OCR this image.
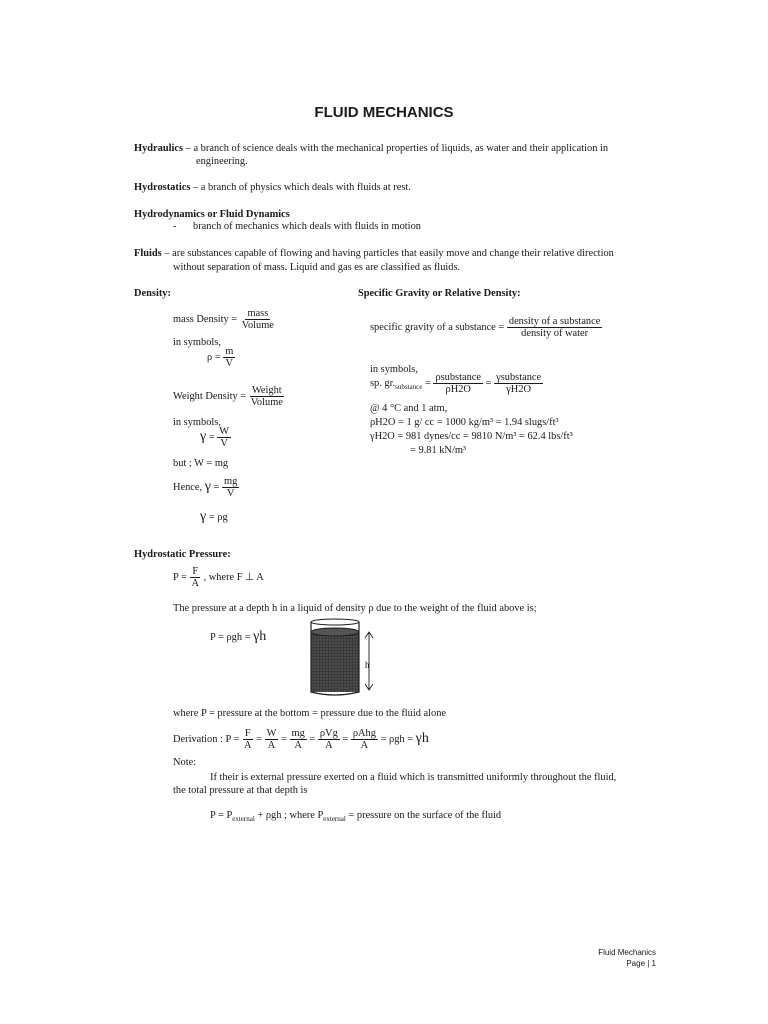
FLUID MECHANICS
Hydraulics – a branch of science deals with the mechanical properties of liquids, as water and their application in
engineering.
Hydrostatics – a branch of physics which deals with fluids at rest.
Hydrodynamics or Fluid Dynamics
- branch of mechanics which deals with fluids in motion
Fluids – are substances capable of flowing and having particles that easily move and change their relative direction
without separation of mass. Liquid and gas es are classified as fluids.
Density:
mass Density = $\frac{\text{mass}}{\text{Volume}}$
in symbols,
$\rho = \frac{m}{V}$
Weight Density = $\frac{\text{Weight}}{\text{Volume}}$
in symbols,
$\gamma = \frac{W}{V}$
but ; W = mg
Hence, $\gamma = \frac{mg}{V}$
γ = ρg
Specific Gravity or Relative Density:
specific gravity of a substance = $\frac{\text{density of a substance}}{\text{density of water}}$
in symbols,
sp. $gr._{substance} = \frac{\text{ρsubstance}}{\rho H2O} = \frac{\text{γsubstance}}{\gamma H2O}$
@ 4 °C and 1 atm,
ρH2O = 1 g/ cc = 1000 kg/m³ = 1.94 slugs/ft³
γH2O = 981 dynes/cc = 9810 N/m³ = 62.4 lbs/ft³
= 9.81 kN/m³
Hydrostatic Pressure:
$P = \frac{F}{A}$ , where F ⊥ A
The pressure at a depth h in a liquid of density ρ due to the weight of the fluid above is;
P = ρgh = γh
h
where P = pressure at the bottom = pressure due to the fluid alone
Derivation : $P = \frac{F}{A} = \frac{W}{A} = \frac{mg}{A} = \frac{\text{ρVg}}{A} = \frac{\text{ρAhg}}{A} = \rho gh = \gamma h$
Note:
If their is external pressure exerted on a fluid which is transmitted uniformly throughout the fluid,
the total pressure at that depth is
$P = P_{external} + \rho gh$ ; where $P_{external}$ = pressure on the surface of the fluid
Fluid Mechanics
Page | 1
